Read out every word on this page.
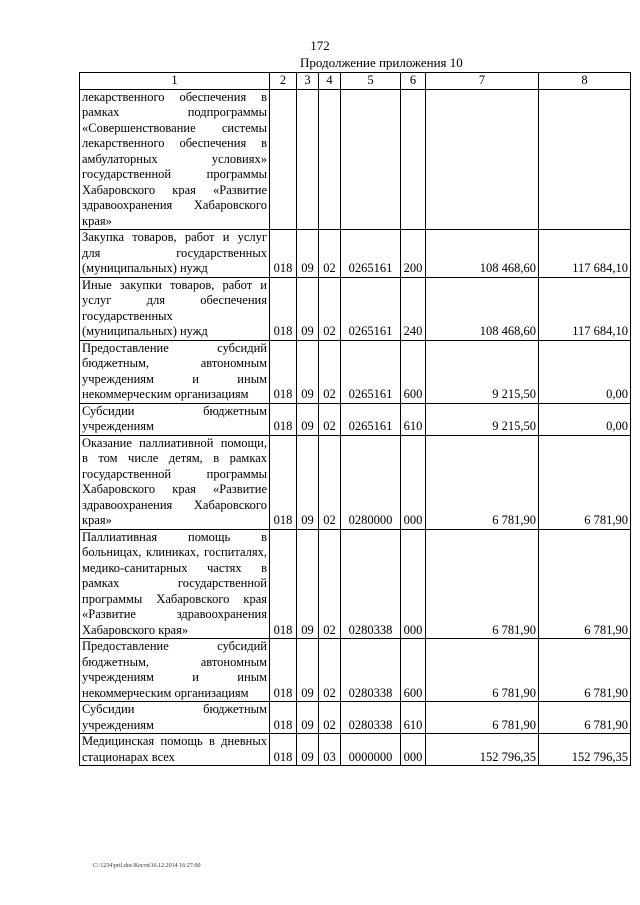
172
Продолжение приложения 10
1	2	3	4	5	6	7	8
лекарственного обеспечения в рамках подпрограммы «Совершенствование системы лекарственного обеспечения в амбулаторных условиях» государственной программы Хабаровского края «Развитие здравоохранения Хабаровского края»							
Закупка товаров, работ и услуг для государственных (муниципальных) нужд	018	09	02	0265161	200	108 468,60	117 684,10
Иные закупки товаров, работ и услуг для обеспечения государственных (муниципальных) нужд	018	09	02	0265161	240	108 468,60	117 684,10
Предоставление субсидий бюджетным, автономным учреждениям и иным некоммерческим организациям	018	09	02	0265161	600	9 215,50	0,00
Субсидии бюджетным учреждениям	018	09	02	0265161	610	9 215,50	0,00
Оказание паллиативной помощи, в том числе детям, в рамках государственной программы Хабаровского края «Развитие здравоохранения Хабаровского края»	018	09	02	0280000	000	6 781,90	6 781,90
Паллиативная помощь в больницах, клиниках, госпиталях, медико-санитарных частях в рамках государственной программы Хабаровского края «Развитие здравоохранения Хабаровского края»	018	09	02	0280338	000	6 781,90	6 781,90
Предоставление субсидий бюджетным, автономным учреждениям и иным некоммерческим организациям	018	09	02	0280338	600	6 781,90	6 781,90
Субсидии бюджетным учреждениям	018	09	02	0280338	610	6 781,90	6 781,90
Медицинская помощь в дневных стационарах всех	018	09	03	0000000	000	152 796,35	152 796,35
C:\1234\pril.doc\Костя\16.12.2014 16:27:00
